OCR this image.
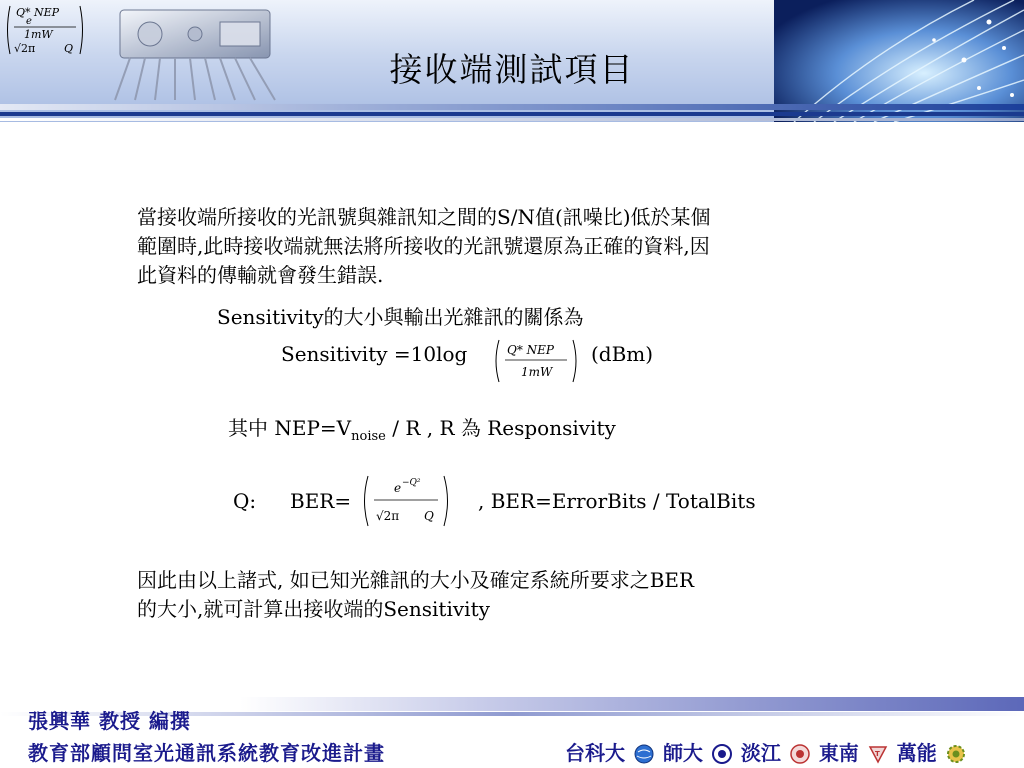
Q* NEP
e
1mW
√2π	Q
接收端測試項目
當接收端所接收的光訊號與雜訊知之間的S/N值(訊噪比)低於某個
範圍時,此時接收端就無法將所接收的光訊號還原為正確的資料,因
此資料的傳輸就會發生錯誤.
Sensitivity的大小與輸出光雜訊的關係為
Sensitivity =10log	Q* NEP
1mW
(dBm)
其中 $NEP=V_{noise} / R$ , R 為 Responsivity
Q: BER=
e −Q²
√2π Q
, BER=ErrorBits / TotalBits
因此由以上諸式, 如已知光雜訊的大小及確定系統所要求之BER
的大小,就可計算出接收端的Sensitivity
張興華 教授 編撰
教育部顧問室光通訊系統教育改進計畫	台科大 師大 淡江 東南 T 萬能
